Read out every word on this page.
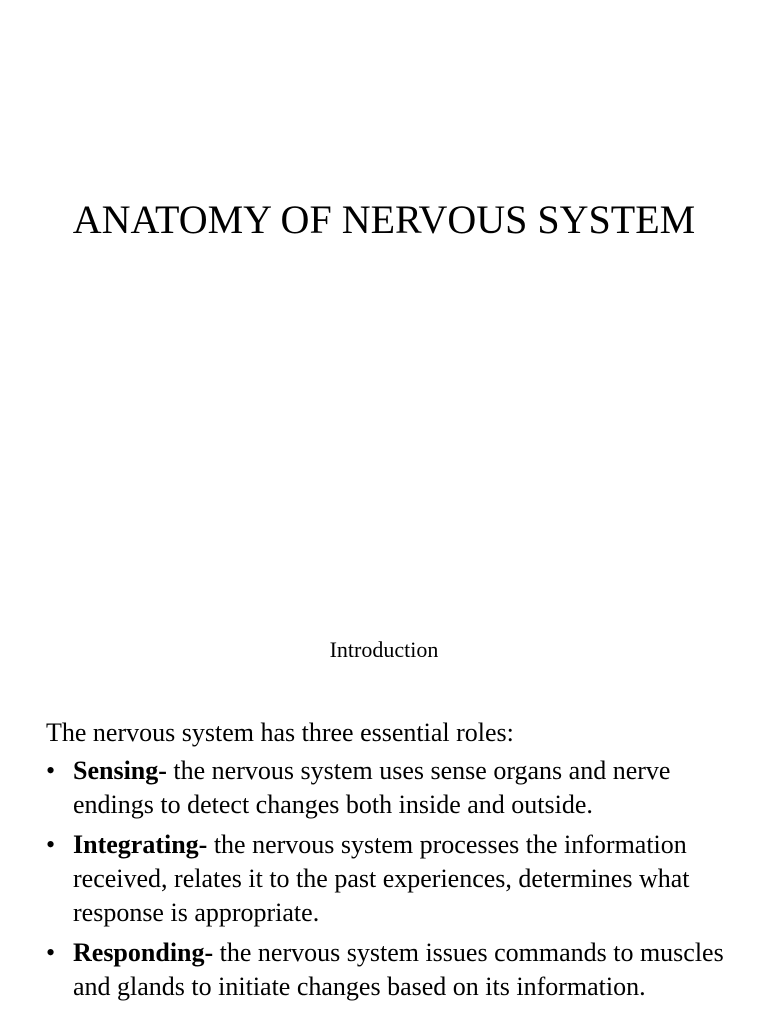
ANATOMY OF NERVOUS SYSTEM
Introduction

The nervous system has three essential roles:

• Sensing- the nervous system uses sense organs and nerve endings to detect changes both inside and outside.
• Integrating- the nervous system processes the information received, relates it to the past experiences, determines what response is appropriate.
• Responding- the nervous system issues commands to muscles and glands to initiate changes based on its information.
